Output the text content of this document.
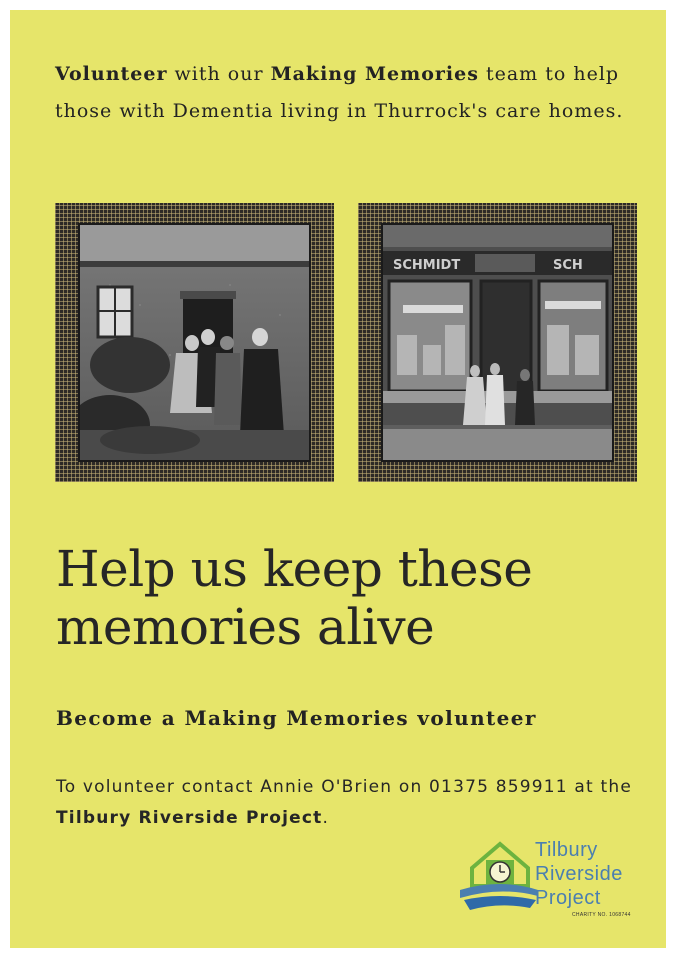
Volunteer with our Making Memories team to help those with Dementia living in Thurrock's care homes.

SCHMIDT	SCH
Help us keep these memories alive
Become a Making Memories volunteer

To volunteer contact Annie O'Brien on 01375 859911 at the Tilbury Riverside Project.

Tilbury
Riverside
Project
CHARITY NO. 1068744
